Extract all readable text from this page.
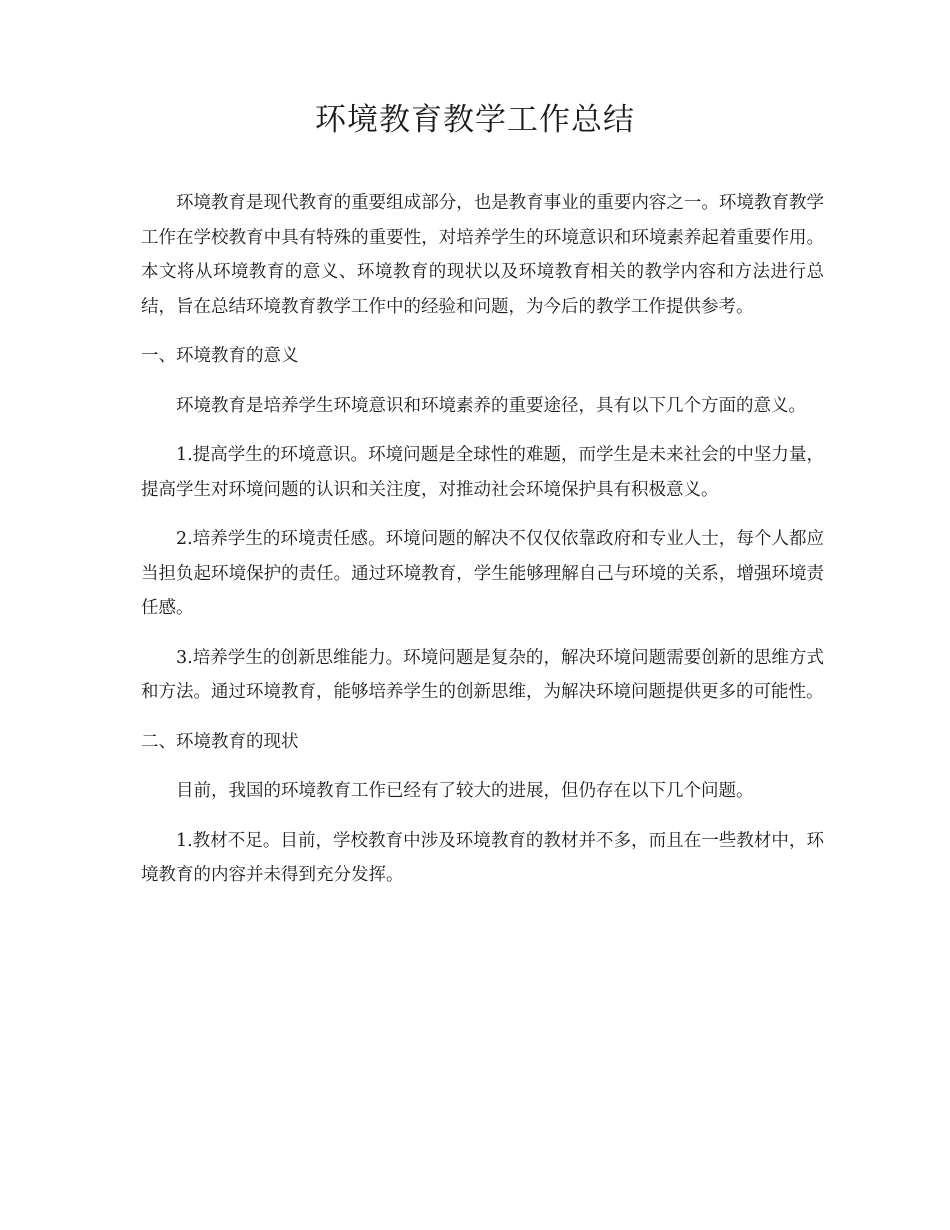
环境教育教学工作总结

环境教育是现代教育的重要组成部分，也是教育事业的重要内容之一。环境教育教学工作在学校教育中具有特殊的重要性，对培养学生的环境意识和环境素养起着重要作用。本文将从环境教育的意义、环境教育的现状以及环境教育相关的教学内容和方法进行总结，旨在总结环境教育教学工作中的经验和问题，为今后的教学工作提供参考。

一、环境教育的意义

环境教育是培养学生环境意识和环境素养的重要途径，具有以下几个方面的意义。

1.提高学生的环境意识。环境问题是全球性的难题，而学生是未来社会的中坚力量，提高学生对环境问题的认识和关注度，对推动社会环境保护具有积极意义。

2.培养学生的环境责任感。环境问题的解决不仅仅依靠政府和专业人士，每个人都应当担负起环境保护的责任。通过环境教育，学生能够理解自己与环境的关系，增强环境责任感。

3.培养学生的创新思维能力。环境问题是复杂的，解决环境问题需要创新的思维方式和方法。通过环境教育，能够培养学生的创新思维，为解决环境问题提供更多的可能性。

二、环境教育的现状

目前，我国的环境教育工作已经有了较大的进展，但仍存在以下几个问题。

1.教材不足。目前，学校教育中涉及环境教育的教材并不多，而且在一些教材中，环境教育的内容并未得到充分发挥。
